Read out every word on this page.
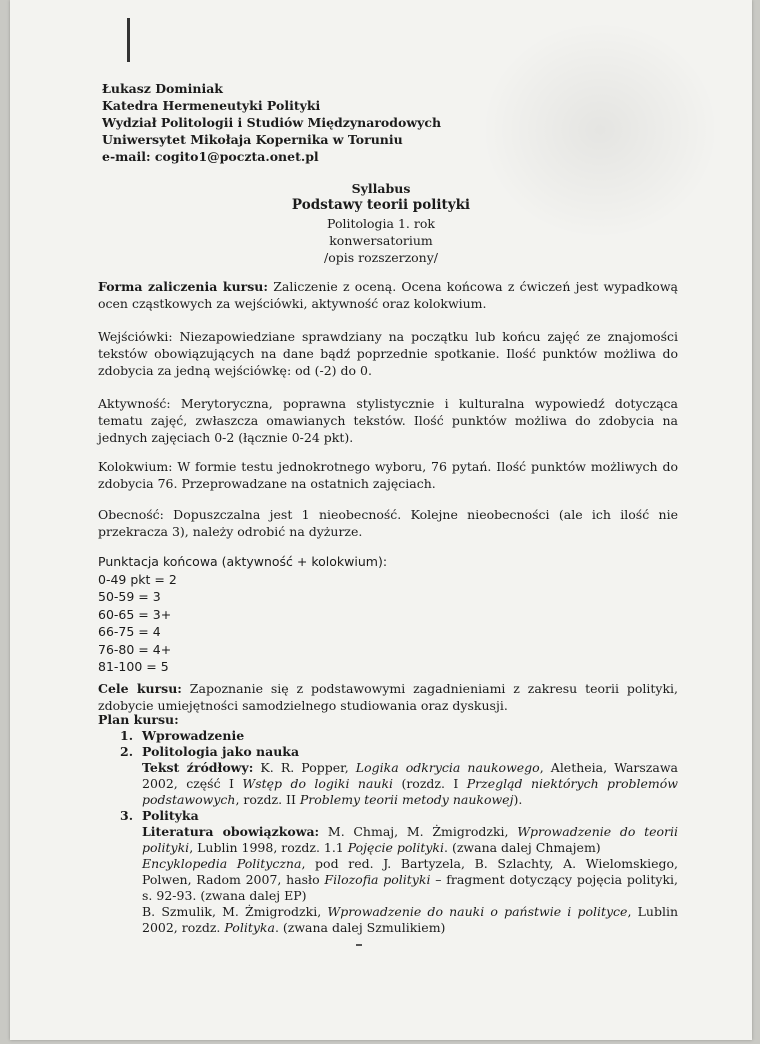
Łukasz Dominiak
Katedra Hermeneutyki Polityki
Wydział Politologii i Studiów Międzynarodowych
Uniwersytet Mikołaja Kopernika w Toruniu
e-mail: cogito1@poczta.onet.pl
Syllabus
Podstawy teorii polityki
Politologia 1. rok
konwersatorium
/opis rozszerzony/
Forma zaliczenia kursu: Zaliczenie z oceną. Ocena końcowa z ćwiczeń jest wypadkową ocen cząstkowych za wejściówki, aktywność oraz kolokwium.
Wejściówki: Niezapowiedziane sprawdziany na początku lub końcu zajęć ze znajomości tekstów obowiązujących na dane bądź poprzednie spotkanie. Ilość punktów możliwa do zdobycia za jedną wejściówkę: od (-2) do 0.
Aktywność: Merytoryczna, poprawna stylistycznie i kulturalna wypowiedź dotycząca tematu zajęć, zwłaszcza omawianych tekstów. Ilość punktów możliwa do zdobycia na jednych zajęciach 0-2 (łącznie 0-24 pkt).
Kolokwium: W formie testu jednokrotnego wyboru, 76 pytań. Ilość punktów możliwych do zdobycia 76. Przeprowadzane na ostatnich zajęciach.
Obecność: Dopuszczalna jest 1 nieobecność. Kolejne nieobecności (ale ich ilość nie przekracza 3), należy odrobić na dyżurze.
Punktacja końcowa (aktywność + kolokwium):
0-49 pkt = 2
50-59 = 3
60-65 = 3+
66-75 = 4
76-80 = 4+
81-100 = 5
Cele kursu: Zapoznanie się z podstawowymi zagadnieniami z zakresu teorii polityki, zdobycie umiejętności samodzielnego studiowania oraz dyskusji.
Plan kursu:
1. Wprowadzenie
2. Politologia jako nauka
Tekst źródłowy: K. R. Popper, Logika odkrycia naukowego, Aletheia, Warszawa 2002, część I Wstęp do logiki nauki (rozdz. I Przegląd niektórych problemów podstawowych, rozdz. II Problemy teorii metody naukowej).
3. Polityka
Literatura obowiązkowa: M. Chmaj, M. Żmigrodzki, Wprowadzenie do teorii polityki, Lublin 1998, rozdz. 1.1 Pojęcie polityki. (zwana dalej Chmajem)
Encyklopedia Polityczna, pod red. J. Bartyzela, B. Szlachty, A. Wielomskiego, Polwen, Radom 2007, hasło Filozofia polityki – fragment dotyczący pojęcia polityki, s. 92-93. (zwana dalej EP)
B. Szmulik, M. Żmigrodzki, Wprowadzenie do nauki o państwie i polityce, Lublin 2002, rozdz. Polityka. (zwana dalej Szmulikiem)
